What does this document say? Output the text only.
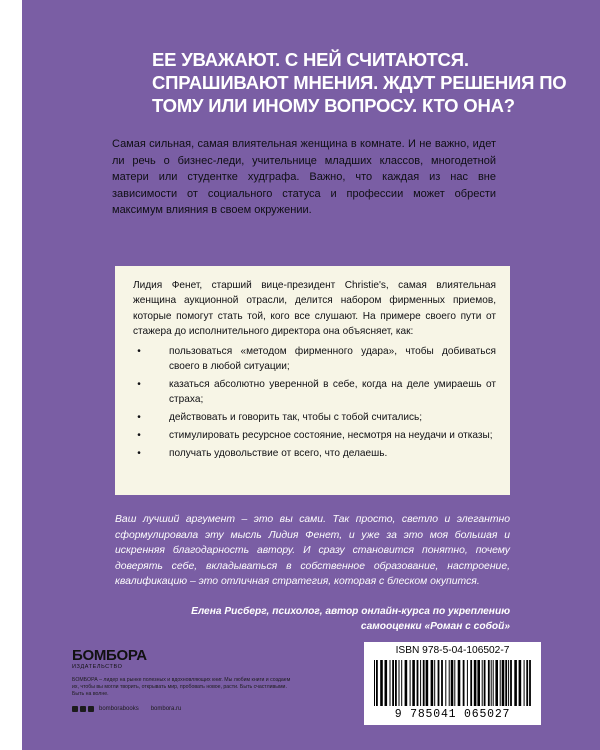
ЕЕ УВАЖАЮТ. С НЕЙ СЧИТАЮТСЯ. СПРАШИВАЮТ МНЕНИЯ. ЖДУТ РЕШЕНИЯ ПО ТОМУ ИЛИ ИНОМУ ВОПРОСУ. КТО ОНА?

Самая сильная, самая влиятельная женщина в комнате. И не важно, идет ли речь о бизнес-леди, учительнице младших классов, многодетной матери или студентке худграфа. Важно, что каждая из нас вне зависимости от социального статуса и профессии может обрести максимум влияния в своем окружении.

Лидия Фенет, старший вице-президент Christie's, самая влиятельная женщина аукционной отрасли, делится набором фирменных приемов, которые помогут стать той, кого все слушают. На примере своего пути от стажера до исполнительного директора она объясняет, как:

•	пользоваться «методом фирменного удара», чтобы добиваться своего в любой ситуации;
•	казаться абсолютно уверенной в себе, когда на деле умираешь от страха;
•	действовать и говорить так, чтобы с тобой считались;
•	стимулировать ресурсное состояние, несмотря на неудачи и отказы;
•	получать удовольствие от всего, что делаешь.

Ваш лучший аргумент – это вы сами. Так просто, светло и элегантно сформулировала эту мысль Лидия Фенет, и уже за это моя большая и искренняя благодарность автору. И сразу становится понятно, почему доверять себе, вкладываться в собственное образование, настроение, квалификацию – это отличная стратегия, которая с блеском окупится.

Елена Рисберг, психолог, автор онлайн-курса по укреплению самооценки «Роман с собой»

БОМБОРА
ИЗДАТЕЛЬСТВО

БОМБОРА – лидер на рынке полезных и вдохновляющих книг. Мы любим книги и создаем их, чтобы вы могли творить, открывать мир, пробовать новое, расти. Быть счастливыми. Быть на волне.

bomborabooks bombora.ru
ISBN 978-5-04-106502-7
9 785041 065027
